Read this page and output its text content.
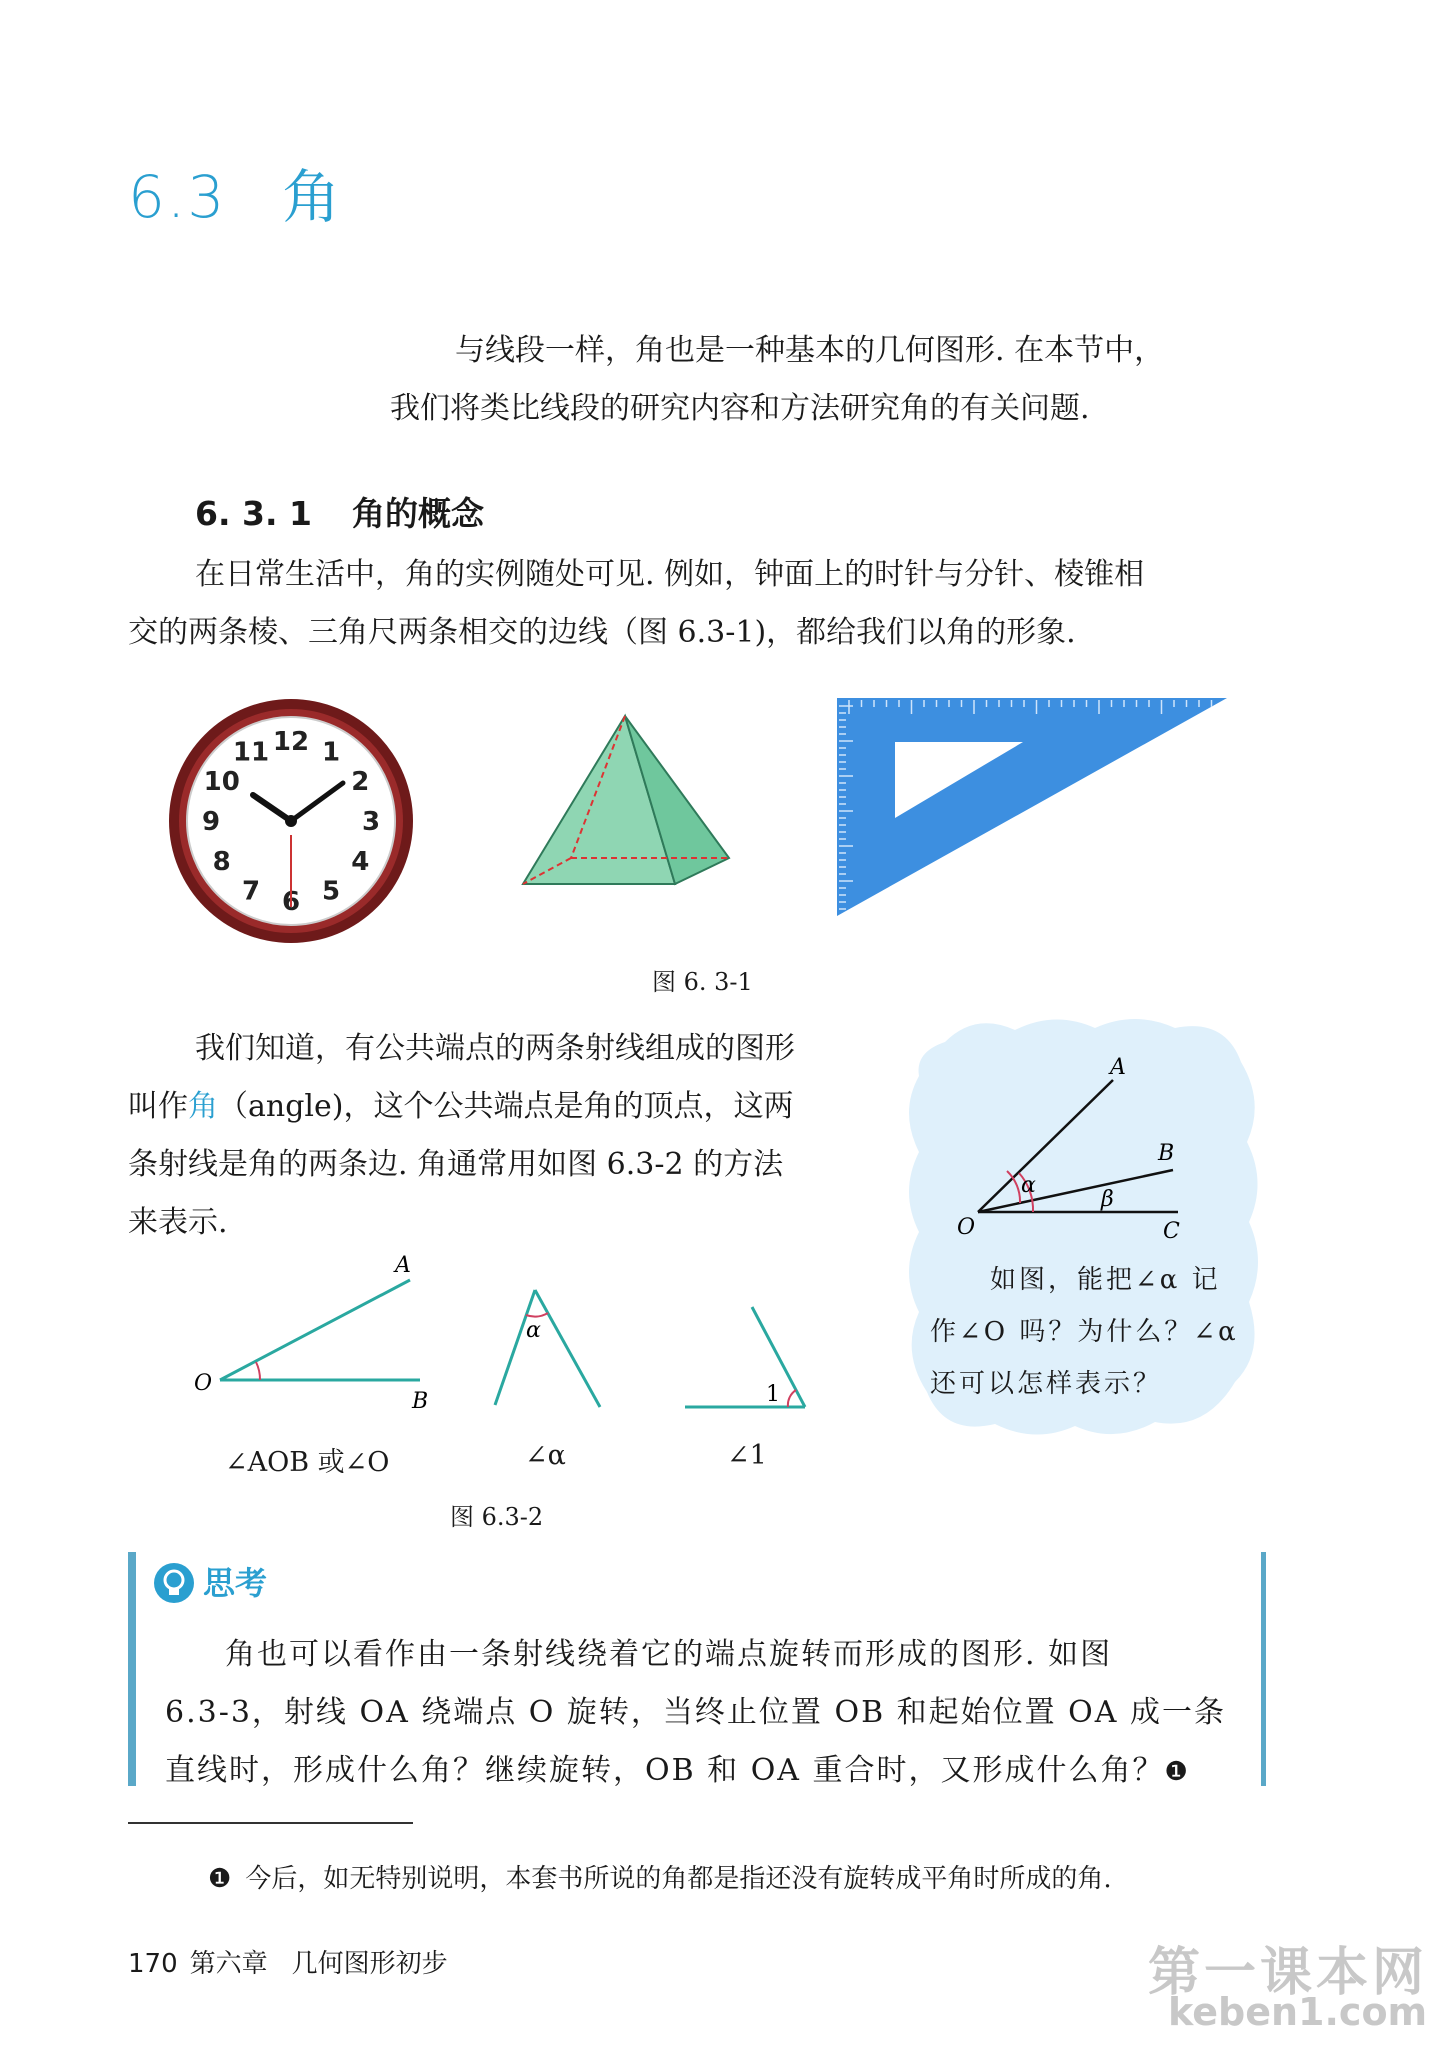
6.3 角
与线段一样，角也是一种基本的几何图形. 在本节中，
我们将类比线段的研究内容和方法研究角的有关问题.
6. 3. 1 角的概念
在日常生活中，角的实例随处可见. 例如，钟面上的时针与分针、棱锥相
交的两条棱、三角尺两条相交的边线（图 6.3-1)，都给我们以角的形象.
12 1
2
3
4
5
6
7
8
9
10
11
图 6. 3-1
我们知道，有公共端点的两条射线组成的图形
叫作角（angle)，这个公共端点是角的顶点，这两
条射线是角的两条边. 角通常用如图 6.3-2 的方法
来表示.
A
O
B
α
1
∠AOB 或∠O	∠α	∠1
图 6.3-2
A
B
O	C
α
β
如图，能把∠α 记
作∠O 吗？为什么？∠α
还可以怎样表示？
思考
角也可以看作由一条射线绕着它的端点旋转而形成的图形. 如图
6.3-3，射线 OA 绕端点 O 旋转，当终止位置 OB 和起始位置 OA 成一条
直线时，形成什么角？继续旋转，OB 和 OA 重合时，又形成什么角？❶
❶ 今后，如无特别说明，本套书所说的角都是指还没有旋转成平角时所成的角.
170 第六章 几何图形初步	第一课本网
keben1.com
